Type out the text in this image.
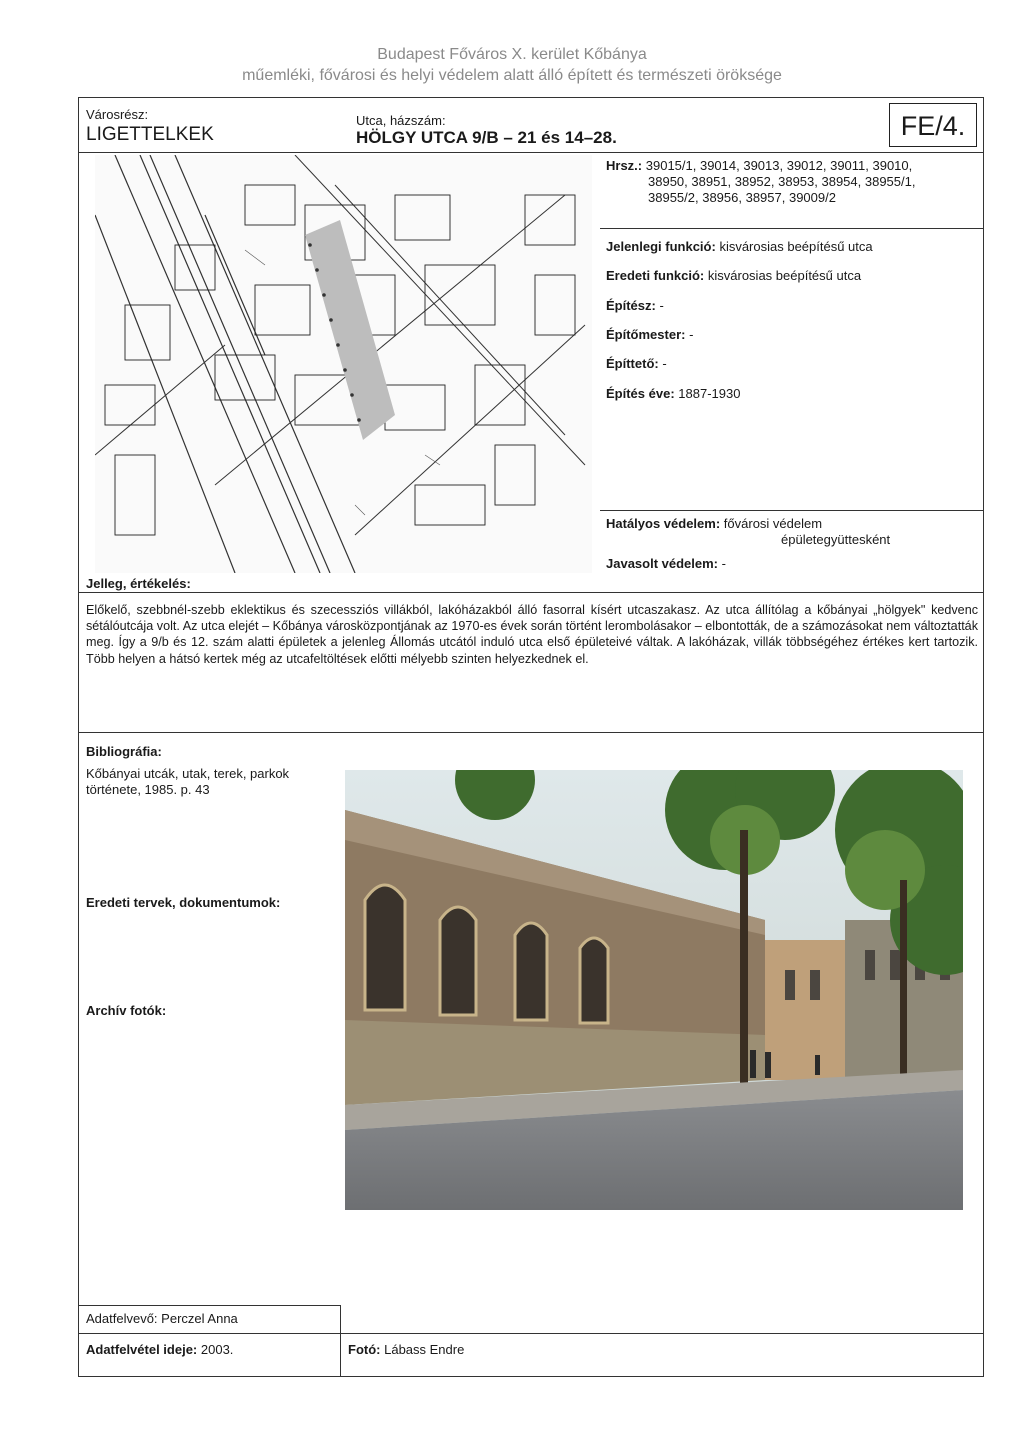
Budapest Főváros X. kerület Kőbánya
műemléki, fővárosi és helyi védelem alatt álló épített és természeti öröksége
Városrész:
LIGETTELKEK
Utca, házszám:
HÖLGY UTCA 9/B – 21 és 14–28.	FE/4.
Hrsz.: 39015/1, 39014, 39013, 39012, 39011, 39010,
38950, 38951, 38952, 38953, 38954, 38955/1,
38955/2, 38956, 38957, 39009/2
Jelenlegi funkció: kisvárosias beépítésű utca
Eredeti funkció: kisvárosias beépítésű utca
Építész: -
Építőmester: -
Építtető: -
Építés éve: 1887-1930
Hatályos védelem: fővárosi védelem
épületegyüttesként
Javasolt védelem: -
Jelleg, értékelés:
Előkelő, szebbnél-szebb eklektikus és szecessziós villákból, lakóházakból álló fasorral kísért utcaszakasz. Az utca állítólag a kőbányai „hölgyek" kedvenc sétálóutcája volt. Az utca elejét – Kőbánya városközpontjának az 1970-es évek során történt lerombolásakor – elbontották, de a számozásokat nem változtatták meg. Így a 9/b és 12. szám alatti épületek a jelenleg Állomás utcától induló utca első épületeivé váltak. A lakóházak, villák többségéhez értékes kert tartozik. Több helyen a hátsó kertek még az utcafeltöltések előtti mélyebb szinten helyezkednek el.
Bibliográfia:
Kőbányai utcák, utak, terek, parkok
története, 1985. p. 43
Eredeti tervek, dokumentumok:
Archív fotók:
Adatfelvevő: Perczel Anna
Adatfelvétel ideje: 2003.	Fotó: Lábass Endre
